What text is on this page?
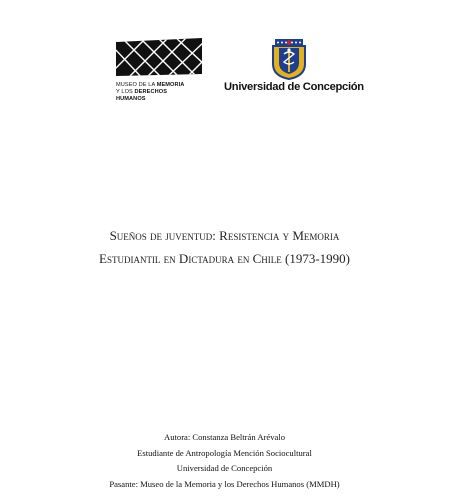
MUSEO DE LA MEMORIA
Y LOS DERECHOS
HUMANOS
Universidad de Concepción
Sueños de juventud: Resistencia y Memoria
Estudiantil en Dictadura en Chile (1973-1990)
Autora: Constanza Beltrán Arévalo
Estudiante de Antropología Mención Sociocultural
Universidad de Concepción
Pasante: Museo de la Memoria y los Derechos Humanos (MMDH)
